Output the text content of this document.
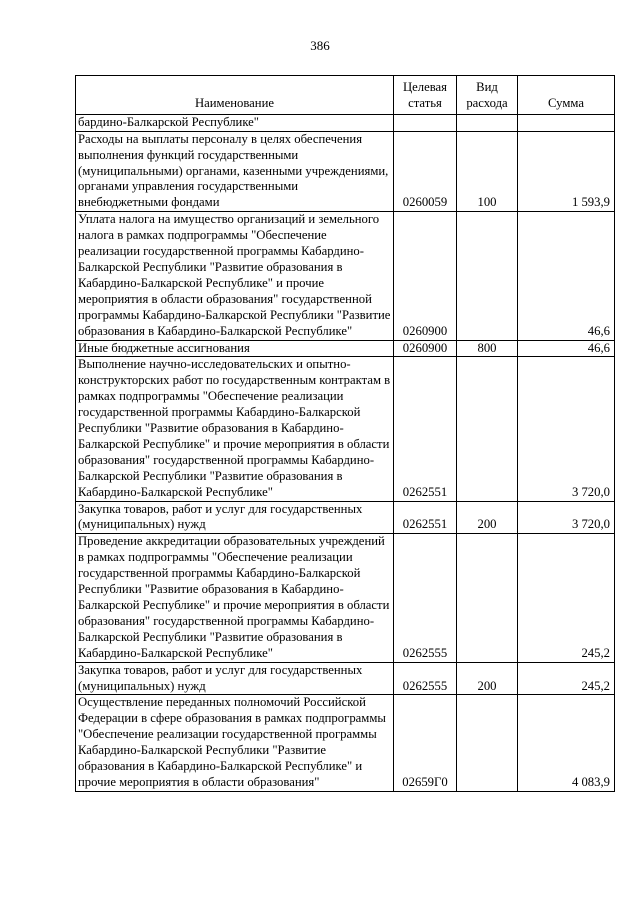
386
Наименование	Целевая статья	Вид расхода	Сумма
бардино-Балкарской Республике"			
Расходы на выплаты персоналу в целях обеспечения выполнения функций государственными (муниципальными) органами, казенными учреждениями, органами управления государственными внебюджетными фондами	0260059	100	1 593,9
Уплата налога на имущество организаций и земельного налога в рамках подпрограммы "Обеспечение реализации государственной программы Кабардино-Балкарской Республики "Развитие образования в Кабардино-Балкарской Республике" и прочие мероприятия в области образования" государственной программы Кабардино-Балкарской Республики "Развитие образования в Кабардино-Балкарской Республике"	0260900		46,6
Иные бюджетные ассигнования	0260900	800	46,6
Выполнение научно-исследовательских и опытно-конструкторских работ по государственным контрактам в рамках подпрограммы "Обеспечение реализации государственной программы Кабардино-Балкарской Республики "Развитие образования в Кабардино-Балкарской Республике" и прочие мероприятия в области образования" государственной программы Кабардино-Балкарской Республики "Развитие образования в Кабардино-Балкарской Республике"	0262551		3 720,0
Закупка товаров, работ и услуг для государственных (муниципальных) нужд	0262551	200	3 720,0
Проведение аккредитации образовательных учреждений в рамках подпрограммы "Обеспечение реализации государственной программы Кабардино-Балкарской Республики "Развитие образования в Кабардино-Балкарской Республике" и прочие мероприятия в области образования" государственной программы Кабардино-Балкарской Республики "Развитие образования в Кабардино-Балкарской Республике"	0262555		245,2
Закупка товаров, работ и услуг для государственных (муниципальных) нужд	0262555	200	245,2
Осуществление переданных полномочий Российской Федерации в сфере образования в рамках подпрограммы "Обеспечение реализации государственной программы Кабардино-Балкарской Республики "Развитие образования в Кабардино-Балкарской Республике" и прочие мероприятия в области образования"	02659Г0		4 083,9
